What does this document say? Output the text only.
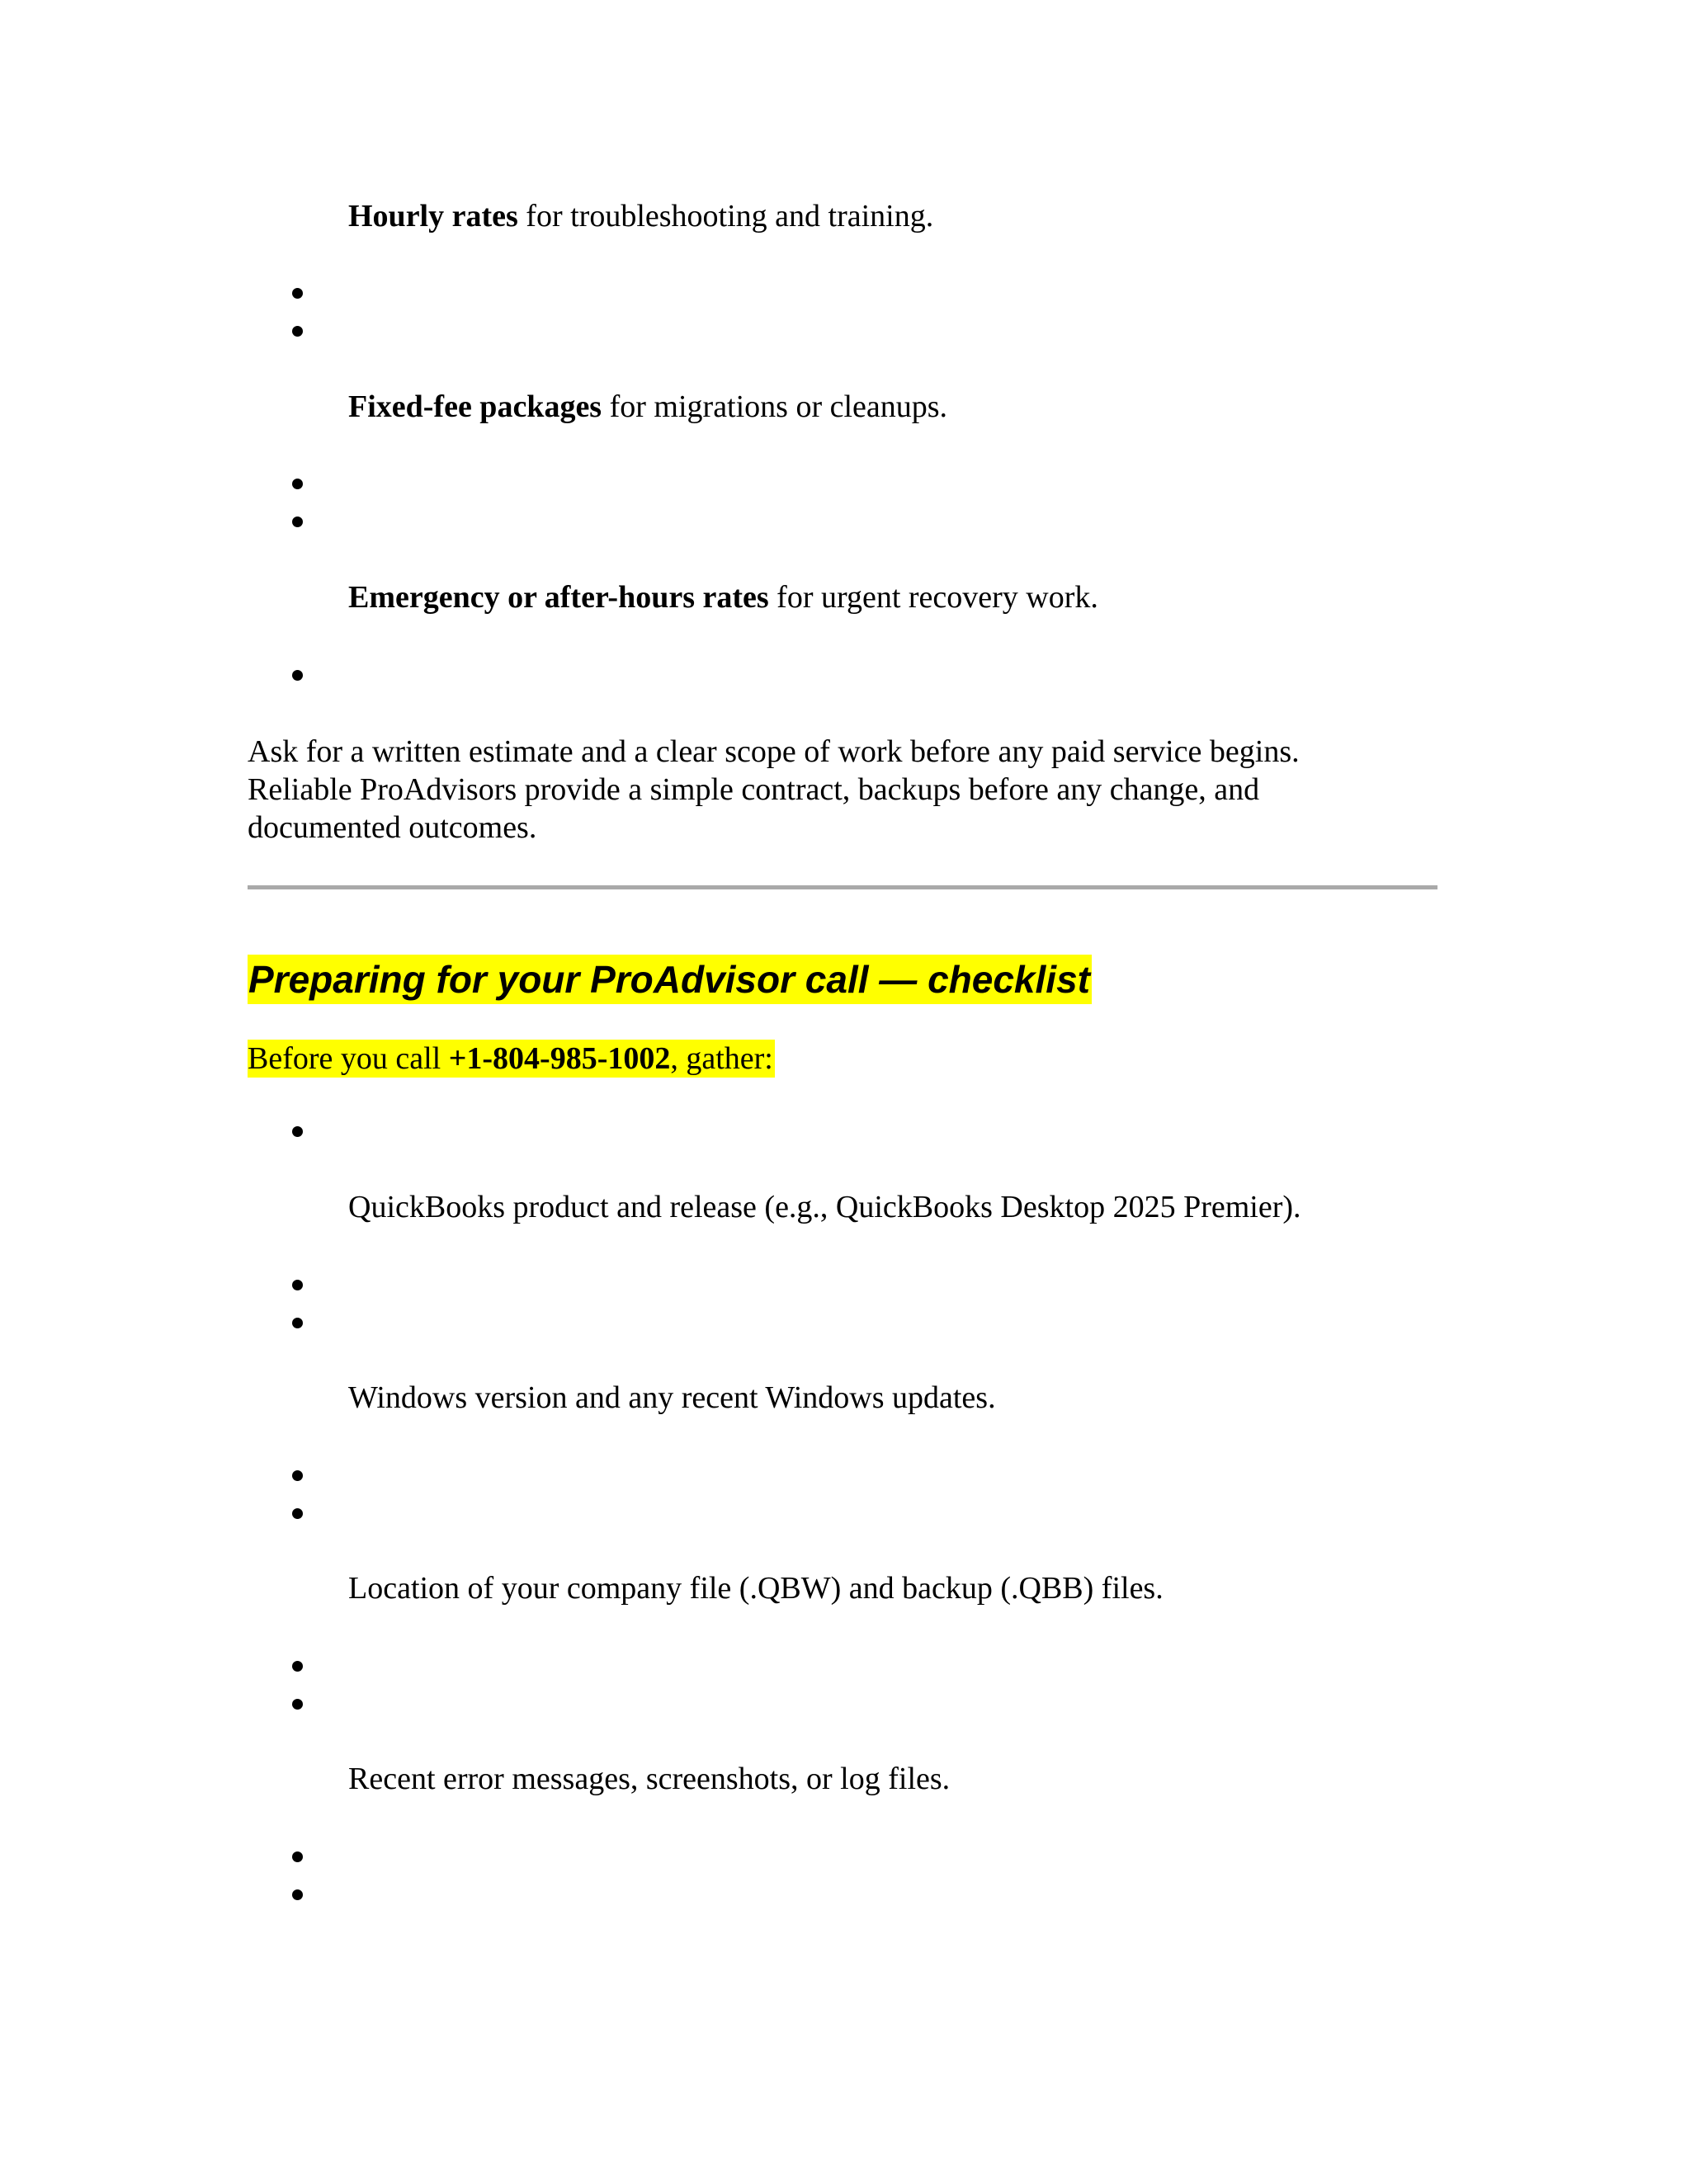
Hourly rates for troubleshooting and training.
Fixed-fee packages for migrations or cleanups.
Emergency or after-hours rates for urgent recovery work.

Ask for a written estimate and a clear scope of work before any paid service begins.

Reliable ProAdvisors provide a simple contract, backups before any change, and

documented outcomes.

Preparing for your ProAdvisor call — checklist
Before you call +1-804-985-1002, gather:
QuickBooks product and release (e.g., QuickBooks Desktop 2025 Premier).
Windows version and any recent Windows updates.
Location of your company file (.QBW) and backup (.QBB) files.
Recent error messages, screenshots, or log files.
